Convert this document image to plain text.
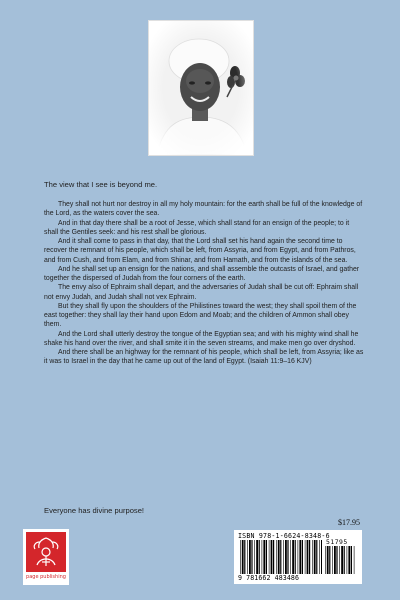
The view that I see is beyond me.

They shall not hurt nor destroy in all my holy mountain: for the earth shall be full of the knowledge of the Lord, as the waters cover the sea.

And in that day there shall be a root of Jesse, which shall stand for an ensign of the people; to it shall the Gentiles seek: and his rest shall be glorious.

And it shall come to pass in that day, that the Lord shall set his hand again the second time to recover the remnant of his people, which shall be left, from Assyria, and from Egypt, and from Pathros, and from Cush, and from Elam, and from Shinar, and from Hamath, and from the islands of the sea.

And he shall set up an ensign for the nations, and shall assemble the outcasts of Israel, and gather together the dispersed of Judah from the four corners of the earth.

The envy also of Ephraim shall depart, and the adversaries of Judah shall be cut off: Ephraim shall not envy Judah, and Judah shall not vex Ephraim.

But they shall fly upon the shoulders of the Philistines toward the west; they shall spoil them of the east together: they shall lay their hand upon Edom and Moab; and the children of Ammon shall obey them.

And the Lord shall utterly destroy the tongue of the Egyptian sea; and with his mighty wind shall he shake his hand over the river, and shall smite it in the seven streams, and make men go over dryshod.

And there shall be an highway for the remnant of his people, which shall be left, from Assyria; like as it was to Israel in the day that he came up out of the land of Egypt. (Isaiah 11:9–16 KJV)

Everyone has divine purpose!

page publishing
$17.95
ISBN 978-1-6624-8348-6
51795
9 781662 483486
